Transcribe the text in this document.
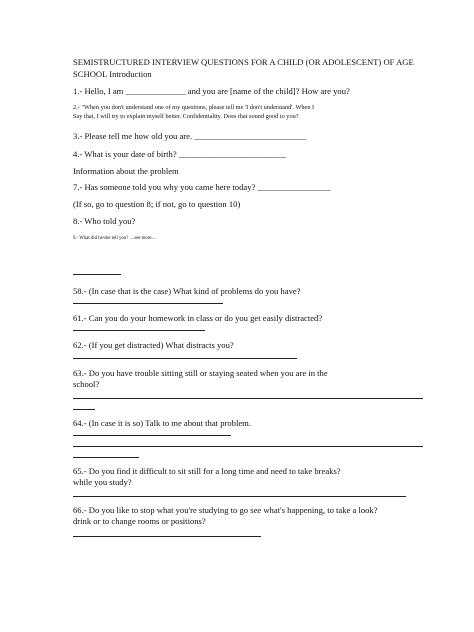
SEMISTRUCTURED INTERVIEW QUESTIONS FOR A CHILD (OR ADOLESCENT) OF AGE
SCHOOL Introduction
1.- Hello, I am ______________ and you are [name of the child]? How are you?
2.- "When you don't understand one of my questions, please tell me 'I don't understand'. When I
Say that, I will try to explain myself better. Confidentiality. Does that sound good to you?
3.- Please tell me how old you are. __________________________
4.- What is your date of birth? _________________________
Information about the problem
7.- Has someone told you why you came here today? _________________
(If so, go to question 8; if not, go to question 10)
8.- Who told you?
9.- What did he/she tell you? ....see more....
58.- (In case that is the case) What kind of problems do you have?
61.- Can you do your homework in class or do you get easily distracted?
62.- (If you get distracted) What distracts you?
63.- Do you have trouble sitting still or staying seated when you are in the
school?
64.- (In case it is so) Talk to me about that problem.
65.- Do you find it difficult to sit still for a long time and need to take breaks?
while you study?
66.- Do you like to stop what you're studying to go see what's happening, to take a look?
drink or to change rooms or positions?
